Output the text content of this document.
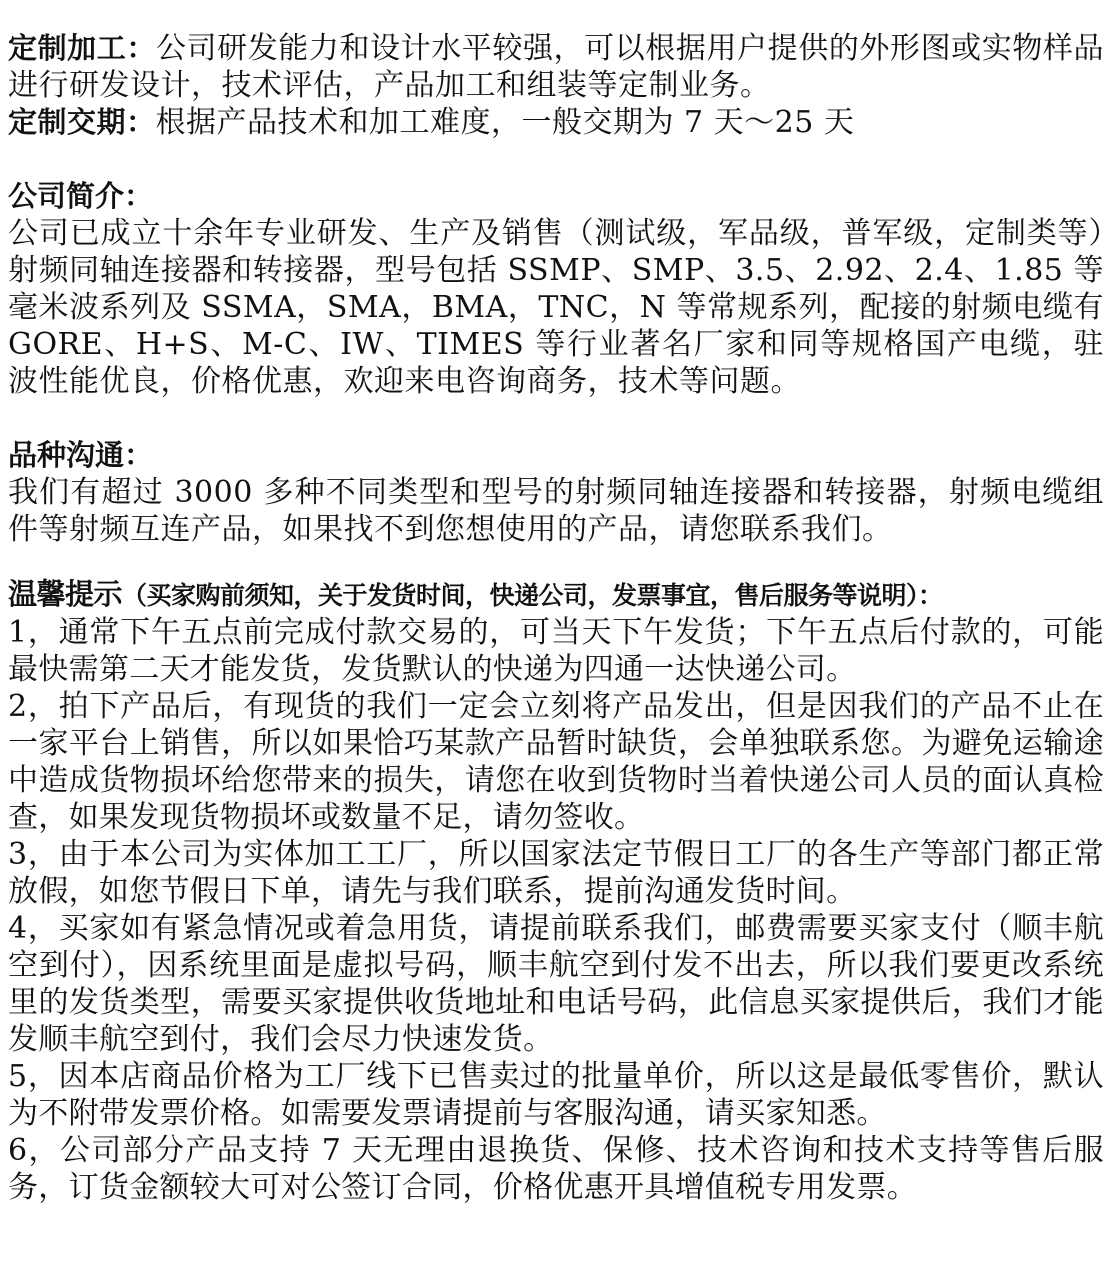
定制加工：公司研发能力和设计水平较强，可以根据用户提供的外形图或实物样品进行研发设计，技术评估，产品加工和组装等定制业务。

定制交期：根据产品技术和加工难度，一般交期为 7 天～25 天

公司简介：

公司已成立十余年专业研发、生产及销售（测试级，军品级，普军级，定制类等）射频同轴连接器和转接器，型号包括 SSMP、SMP、3.5、2.92、2.4、1.85 等毫米波系列及 SSMA，SMA，BMA，TNC，N 等常规系列，配接的射频电缆有 GORE、H+S、M-C、IW、TIMES 等行业著名厂家和同等规格国产电缆，驻波性能优良，价格优惠，欢迎来电咨询商务，技术等问题。

品种沟通：

我们有超过 3000 多种不同类型和型号的射频同轴连接器和转接器，射频电缆组件等射频互连产品，如果找不到您想使用的产品，请您联系我们。

温馨提示（买家购前须知，关于发货时间，快递公司，发票事宜，售后服务等说明）：

1，通常下午五点前完成付款交易的，可当天下午发货；下午五点后付款的，可能最快需第二天才能发货，发货默认的快递为四通一达快递公司。

2，拍下产品后，有现货的我们一定会立刻将产品发出，但是因我们的产品不止在一家平台上销售，所以如果恰巧某款产品暂时缺货，会单独联系您。为避免运输途中造成货物损坏给您带来的损失，请您在收到货物时当着快递公司人员的面认真检查，如果发现货物损坏或数量不足，请勿签收。

3，由于本公司为实体加工工厂，所以国家法定节假日工厂的各生产等部门都正常放假，如您节假日下单，请先与我们联系，提前沟通发货时间。

4，买家如有紧急情况或着急用货，请提前联系我们，邮费需要买家支付（顺丰航空到付），因系统里面是虚拟号码，顺丰航空到付发不出去，所以我们要更改系统里的发货类型，需要买家提供收货地址和电话号码，此信息买家提供后，我们才能发顺丰航空到付，我们会尽力快速发货。

5，因本店商品价格为工厂线下已售卖过的批量单价，所以这是最低零售价，默认为不附带发票价格。如需要发票请提前与客服沟通，请买家知悉。

6，公司部分产品支持 7 天无理由退换货、保修、技术咨询和技术支持等售后服务，订货金额较大可对公签订合同，价格优惠开具增值税专用发票。
